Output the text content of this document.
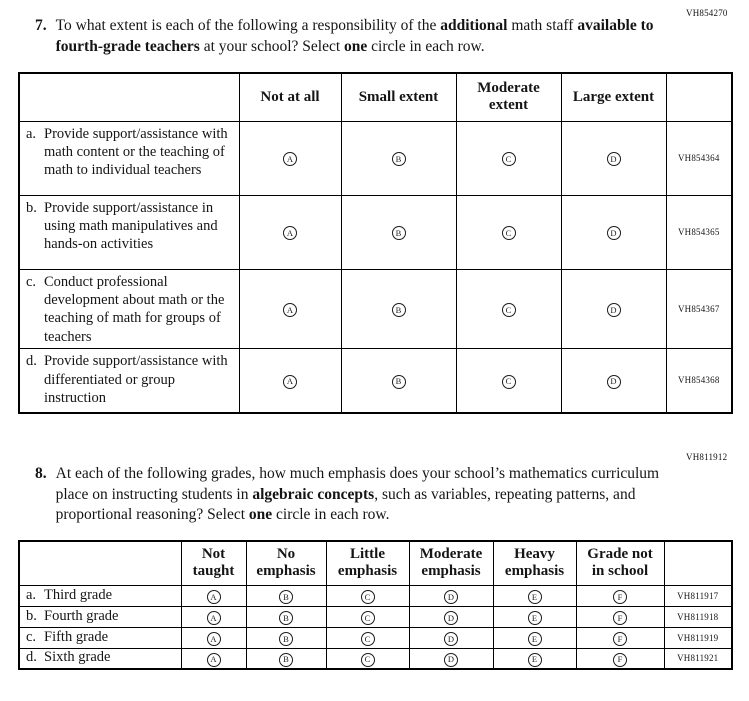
VH854270
7. To what extent is each of the following a responsibility of the additional math staff available to fourth-grade teachers at your school? Select one circle in each row.
	Not at all	Small extent	Moderate extent	Large extent	

a. Provide support/assistance with math content or the teaching of math to individual teachers	A	B	C	D	VH854364

b. Provide support/assistance in using math manipulatives and hands-on activities	A	B	C	D	VH854365

c. Conduct professional development about math or the teaching of math for groups of teachers	A	B	C	D	VH854367

d. Provide support/assistance with differentiated or group instruction	A	B	C	D	VH854368
VH811912
8. At each of the following grades, how much emphasis does your school’s mathematics curriculum place on instructing students in algebraic concepts, such as variables, repeating patterns, and proportional reasoning? Select one circle in each row.
	Not taught	No emphasis	Little emphasis	Moderate emphasis	Heavy emphasis	Grade not in school	

a. Third grade	A	B	C	D	E	F	VH811917

b. Fourth grade	A	B	C	D	E	F	VH811918

c. Fifth grade	A	B	C	D	E	F	VH811919

d. Sixth grade	A	B	C	D	E	F	VH811921
